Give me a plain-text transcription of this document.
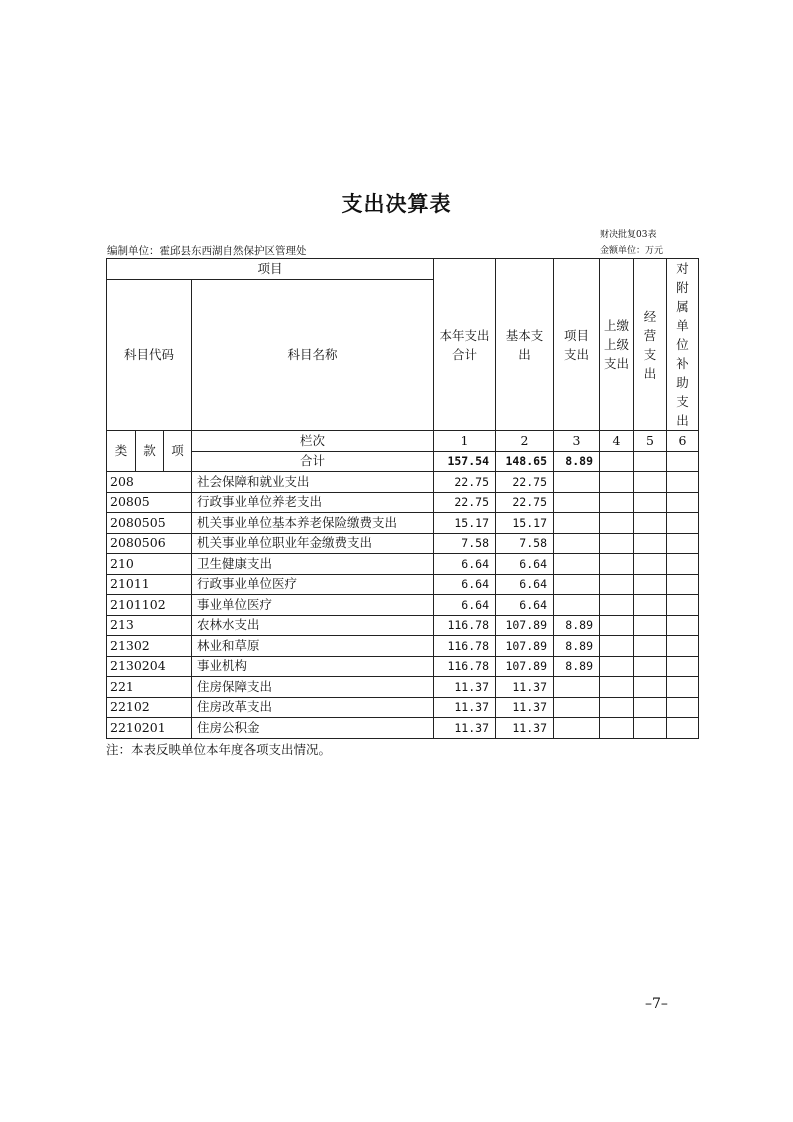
支出决算表
财决批复03表
编制单位：霍邱县东西湖自然保护区管理处	金额单位：万元
项目				本年支出合计	基本支出	项目支出	上缴上级支出	经营支出	对附属单位补助支出
科目代码			科目名称						

类	款	项	栏次	1	2	3	4	5	6
			合计	157.54	148.65	8.89			
208			社会保障和就业支出	22.75	22.75				
20805			行政事业单位养老支出	22.75	22.75				
2080505			机关事业单位基本养老保险缴费支出	15.17	15.17				
2080506			机关事业单位职业年金缴费支出	7.58	7.58				
210			卫生健康支出	6.64	6.64				
21011			行政事业单位医疗	6.64	6.64				
2101102			事业单位医疗	6.64	6.64				
213			农林水支出	116.78	107.89	8.89			
21302			林业和草原	116.78	107.89	8.89			
2130204			事业机构	116.78	107.89	8.89			
221			住房保障支出	11.37	11.37				
22102			住房改革支出	11.37	11.37				
2210201			住房公积金	11.37	11.37				
注：本表反映单位本年度各项支出情况。
–7–
